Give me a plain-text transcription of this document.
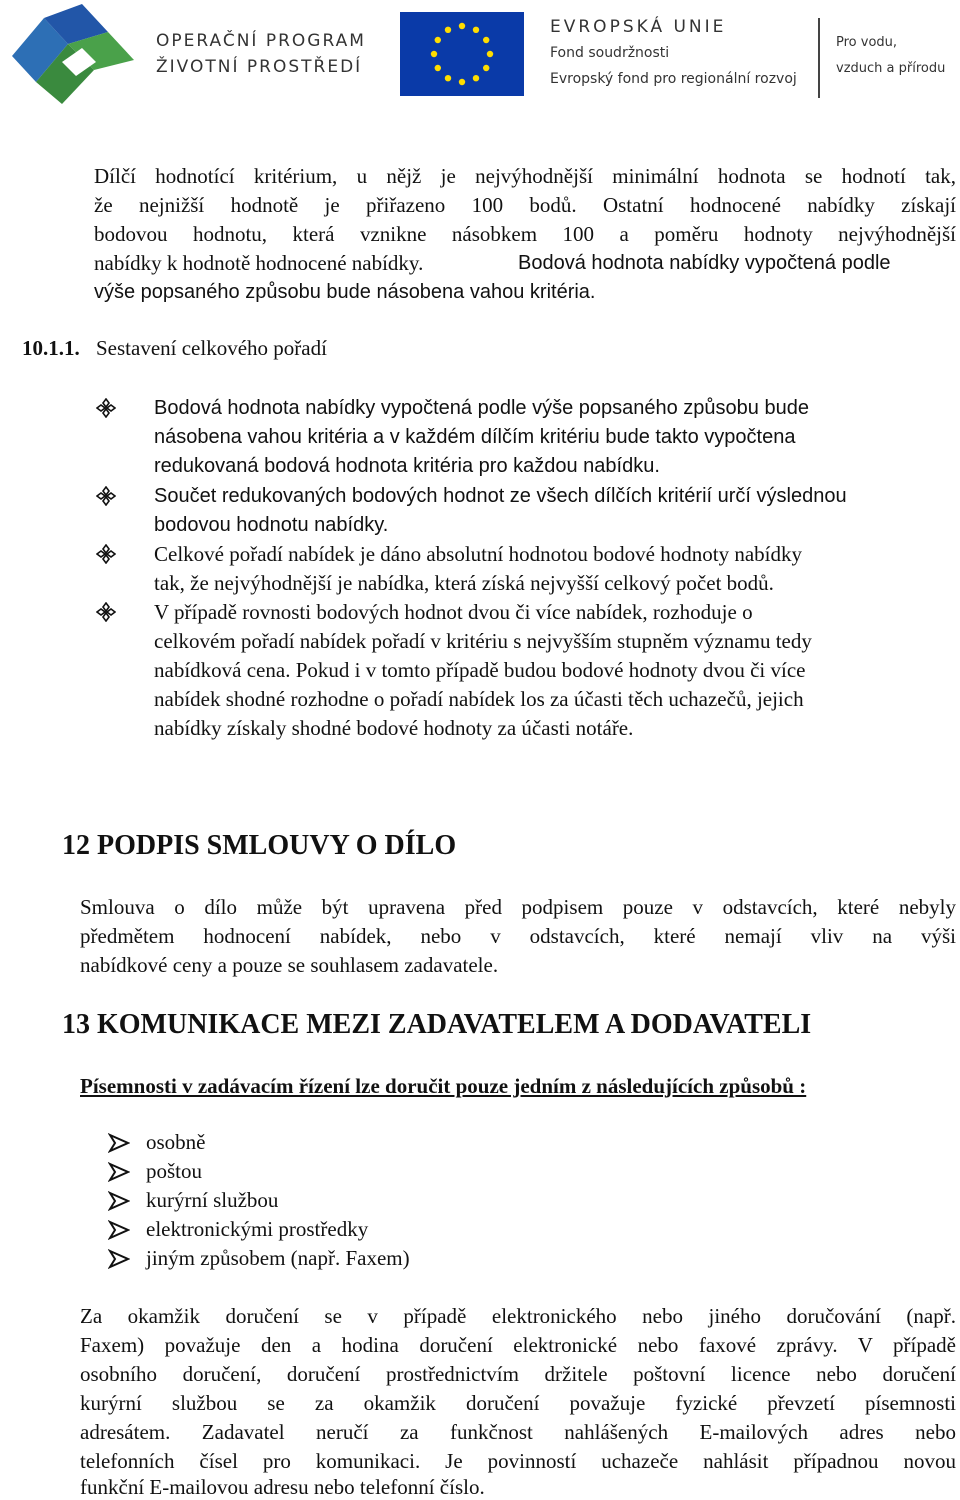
OPERAČNÍ PROGRAM
ŽIVOTNÍ PROSTŘEDÍ
EVROPSKÁ UNIE
Fond soudržnosti
Evropský fond pro regionální rozvoj
Pro vodu,
vzduch a přírodu
Dílčí hodnotící kritérium, u nějž je nejvýhodnější minimální hodnota se hodnotí tak,
že nejnižší hodnotě je přiřazeno 100 bodů. Ostatní hodnocené nabídky získají
bodovou hodnotu, která vznikne násobkem 100 a poměru hodnoty nejvýhodnější
nabídky k hodnotě hodnocené nabídky.	Bodová hodnota nabídky vypočtená podle
výše popsaného způsobu bude násobena vahou kritéria.
10.1.1. Sestavení celkového pořadí
Bodová hodnota nabídky vypočtená podle výše popsaného způsobu bude
násobena vahou kritéria a v každém dílčím kritériu bude takto vypočtena
redukovaná bodová hodnota kritéria pro každou nabídku.
Součet redukovaných bodových hodnot ze všech dílčích kritérií určí výslednou
bodovou hodnotu nabídky.
Celkové pořadí nabídek je dáno absolutní hodnotou bodové hodnoty nabídky
tak, že nejvýhodnější je nabídka, která získá nejvyšší celkový počet bodů.
V případě rovnosti bodových hodnot dvou či více nabídek, rozhoduje o
celkovém pořadí nabídek pořadí v kritériu s nejvyšším stupněm významu tedy
nabídková cena. Pokud i v tomto případě budou bodové hodnoty dvou či více
nabídek shodné rozhodne o pořadí nabídek los za účasti těch uchazečů, jejich
nabídky získaly shodné bodové hodnoty za účasti notáře.
12 PODPIS SMLOUVY O DÍLO
Smlouva o dílo může být upravena před podpisem pouze v odstavcích, které nebyly
předmětem hodnocení nabídek, nebo v odstavcích, které nemají vliv na výši
nabídkové ceny a pouze se souhlasem zadavatele.
13 KOMUNIKACE MEZI ZADAVATELEM A DODAVATELI
Písemnosti v zadávacím řízení lze doručit pouze jedním z následujících způsobů :
osobně
poštou
kurýrní službou
elektronickými prostředky
jiným způsobem (např. Faxem)
Za okamžik doručení se v případě elektronického nebo jiného doručování (např.
Faxem) považuje den a hodina doručení elektronické nebo faxové zprávy. V případě
osobního doručení, doručení prostřednictvím držitele poštovní licence nebo doručení
kurýrní službou se za okamžik doručení považuje fyzické převzetí písemnosti
adresátem. Zadavatel neručí za funkčnost nahlášených E-mailových adres nebo
telefonních čísel pro komunikaci. Je povinností uchazeče nahlásit případnou novou
funkční E-mailovou adresu nebo telefonní číslo.
